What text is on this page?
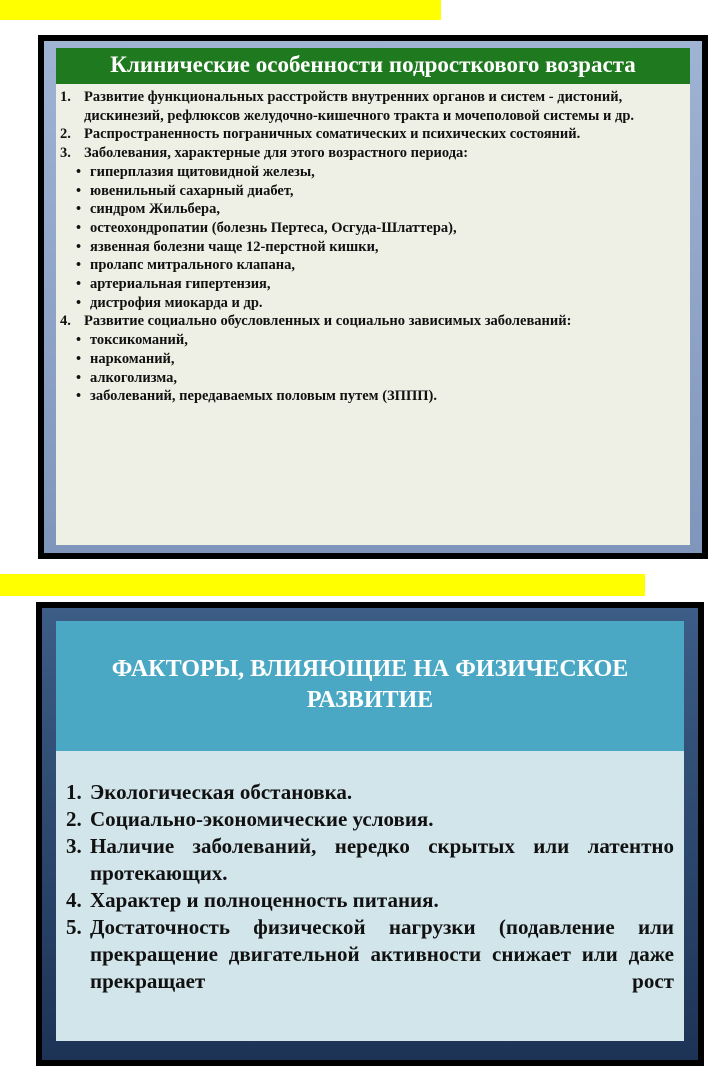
Клинические особенности подросткового возраста
1. Развитие функциональных расстройств внутренних органов и систем - дистоний, дискинезий, рефлюксов желудочно-кишечного тракта и мочеполовой системы и др.
2. Распространенность пограничных соматических и психических состояний.
3. Заболевания, характерные для этого возрастного периода:
• гиперплазия щитовидной железы,
• ювенильный сахарный диабет,
• синдром Жильбера,
• остеохондропатии (болезнь Пертеса, Осгуда-Шлаттера),
• язвенная болезни чаще 12-перстной кишки,
• пролапс митрального клапана,
• артериальная гипертензия,
• дистрофия миокарда и др.
4. Развитие социально обусловленных и социально зависимых заболеваний:
• токсикоманий,
• наркоманий,
• алкоголизма,
• заболеваний, передаваемых половым путем (ЗППП).
ФАКТОРЫ, ВЛИЯЮЩИЕ НА ФИЗИЧЕСКОЕ РАЗВИТИЕ
1. Экологическая обстановка.
2. Социально-экономические условия.
3. Наличие заболеваний, нередко скрытых или латентно протекающих.
4. Характер и полноценность питания.
5. Достаточность физической нагрузки (подавление или прекращение двигательной активности снижает или даже прекращает рост
